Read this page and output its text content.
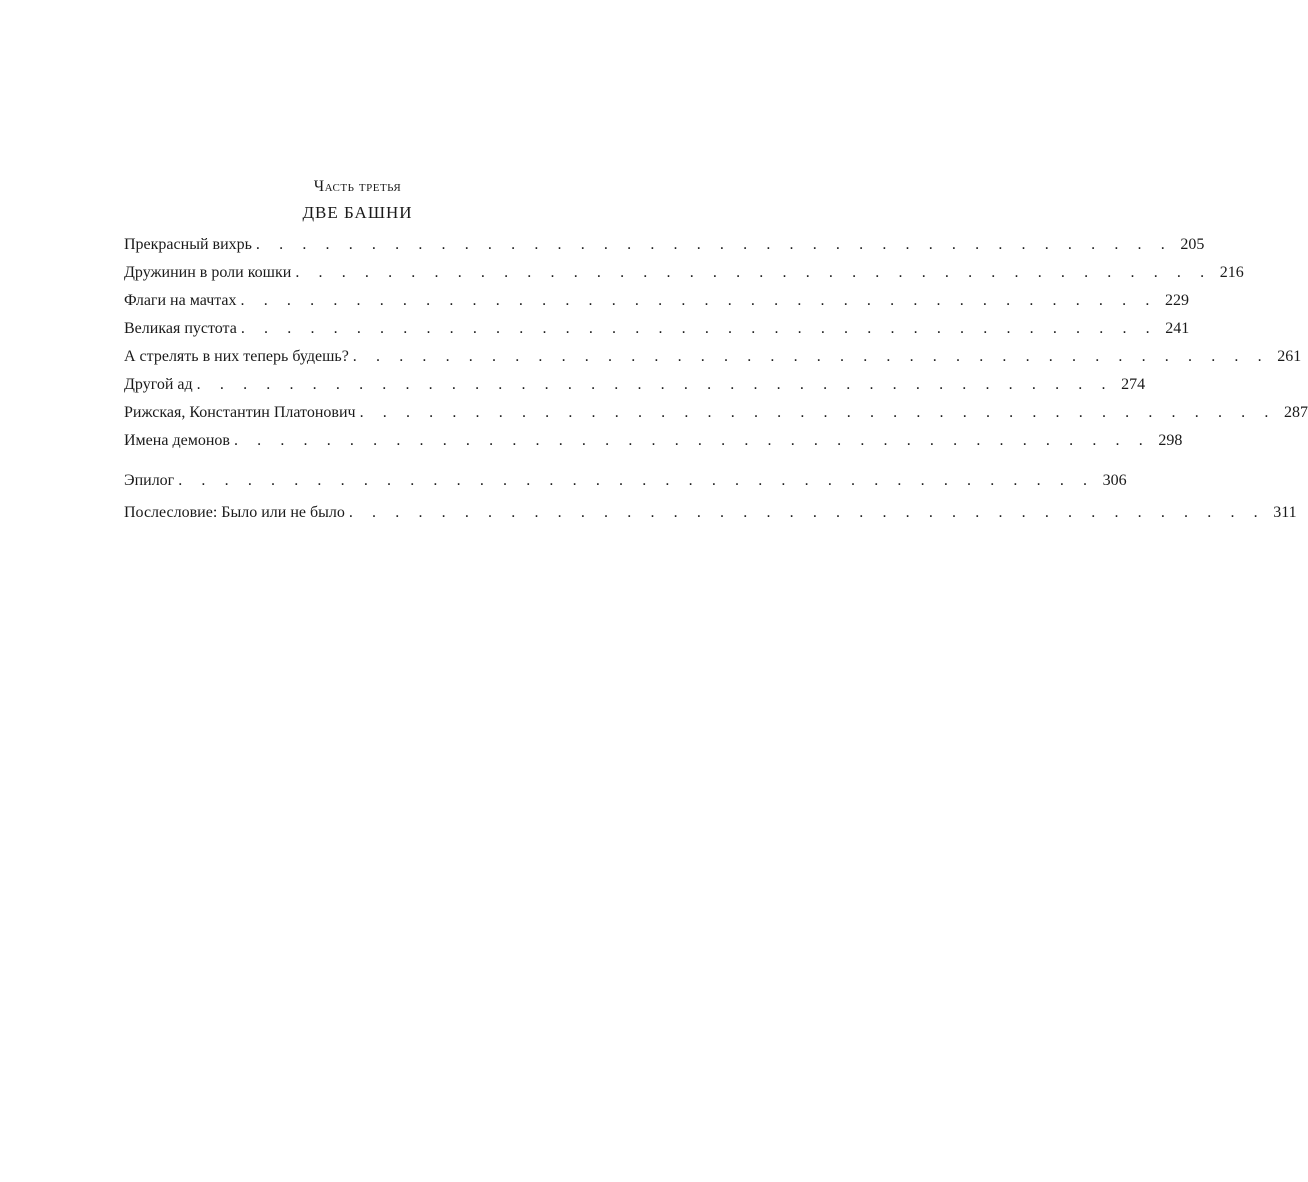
Часть третья
ДВЕ БАШНИ
Прекрасный вихрь . . . . . . . . . . . . . . . . . . . . . . . . . . . . . . . . . . . . . . . . 205
Дружинин в роли кошки . . . . . . . . . . . . . . . . . . . . . . . . . . . . . . . . . . . . . . . . 216
Флаги на мачтах . . . . . . . . . . . . . . . . . . . . . . . . . . . . . . . . . . . . . . . . 229
Великая пустота . . . . . . . . . . . . . . . . . . . . . . . . . . . . . . . . . . . . . . . . 241
А стрелять в них теперь будешь? . . . . . . . . . . . . . . . . . . . . . . . . . . . . . . . . . . . . . . . . 261
Другой ад . . . . . . . . . . . . . . . . . . . . . . . . . . . . . . . . . . . . . . . . 274
Рижская, Константин Платонович . . . . . . . . . . . . . . . . . . . . . . . . . . . . . . . . . . . . . . . . 287
Имена демонов . . . . . . . . . . . . . . . . . . . . . . . . . . . . . . . . . . . . . . . . 298
Эпилог . . . . . . . . . . . . . . . . . . . . . . . . . . . . . . . . . . . . . . . . 306
Послесловие: Было или не было . . . . . . . . . . . . . . . . . . . . . . . . . . . . . . . . . . . . . . . . 311
